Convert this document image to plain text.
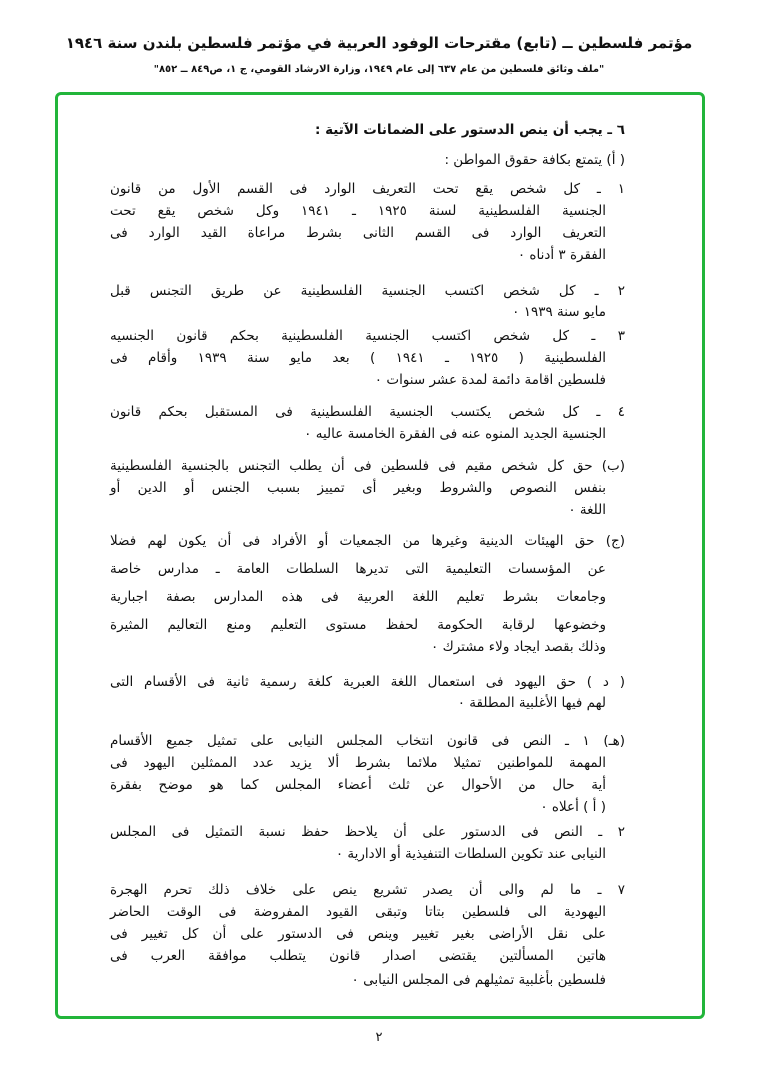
مؤتمر فلسطين ــ (تابع) مقترحات الوفود العربية في مؤتمر فلسطين بلندن سنة ١٩٤٦
"ملف وثائق فلسطين من عام ٦٣٧ إلى عام ١٩٤٩، وزارة الارشاد القومي، ج ١، ص٨٤٩ ــ ٨٥٢"
٦ ـ يجب أن ينص الدستور على الضمانات الآتية :
( أ) يتمتع بكافة حقوق المواطن :
١ ـ كل شخص يقع تحت التعريف الوارد فى القسم الأول من قانون
الجنسية الفلسطينية لسنة ١٩٢٥ ـ ١٩٤١ وكل شخص يقع تحت
التعريف الوارد فى القسم الثانى بشرط مراعاة القيد الوارد فى
الفقرة ٣ أدناه ٠
٢ ـ كل شخص اكتسب الجنسية الفلسطينية عن طريق التجنس قبل
مايو سنة ١٩٣٩ ٠
٣ ـ كل شخص اكتسب الجنسية الفلسطينية بحكم قانون الجنسيه
الفلسطينية ( ١٩٢٥ ـ ١٩٤١ ) بعد مايو سنة ١٩٣٩ وأقام فى
فلسطين اقامة دائمة لمدة عشر سنوات ٠
٤ ـ كل شخص يكتسب الجنسية الفلسطينية فى المستقبل بحكم قانون
الجنسية الجديد المنوه عنه فى الفقرة الخامسة عاليه ٠
(ب) حق كل شخص مقيم فى فلسطين فى أن يطلب التجنس بالجنسية الفلسطينية
بنفس النصوص والشروط وبغير أى تمييز بسبب الجنس أو الدين أو
اللغة ٠
(ج) حق الهيئات الدينية وغيرها من الجمعيات أو الأفراد فى أن يكون لهم فضلا
عن المؤسسات التعليمية التى تديرها السلطات العامة ـ مدارس خاصة
وجامعات بشرط تعليم اللغة العربية فى هذه المدارس بصفة اجبارية
وخضوعها لرقابة الحكومة لحفظ مستوى التعليم ومنع التعاليم المثيرة
وذلك بقصد ايجاد ولاء مشترك ٠
( د ) حق اليهود فى استعمال اللغة العبرية كلغة رسمية ثانية فى الأقسام التى
لهم فيها الأغلبية المطلقة ٠
(هـ) ١ ـ النص فى قانون انتخاب المجلس النيابى على تمثيل جميع الأقسام
المهمة للمواطنين تمثيلا ملائما بشرط ألا يزيد عدد الممثلين اليهود فى
أية حال من الأحوال عن ثلث أعضاء المجلس كما هو موضح بفقرة
( أ ) أعلاه ٠
٢ ـ النص فى الدستور على أن يلاحظ حفظ نسبة التمثيل فى المجلس
النيابى عند تكوين السلطات التنفيذية أو الادارية ٠
٧ ـ ما لم والى أن يصدر تشريع ينص على خلاف ذلك تحرم الهجرة
اليهودية الى فلسطين بتاتا وتبقى القيود المفروضة فى الوقت الحاضر
على نقل الأراضى بغير تغيير وينص فى الدستور على أن كل تغيير فى
هاتين المسألتين يقتضى اصدار قانون يتطلب موافقة العرب فى
فلسطين بأغلبية تمثيلهم فى المجلس النيابى ٠
٢
